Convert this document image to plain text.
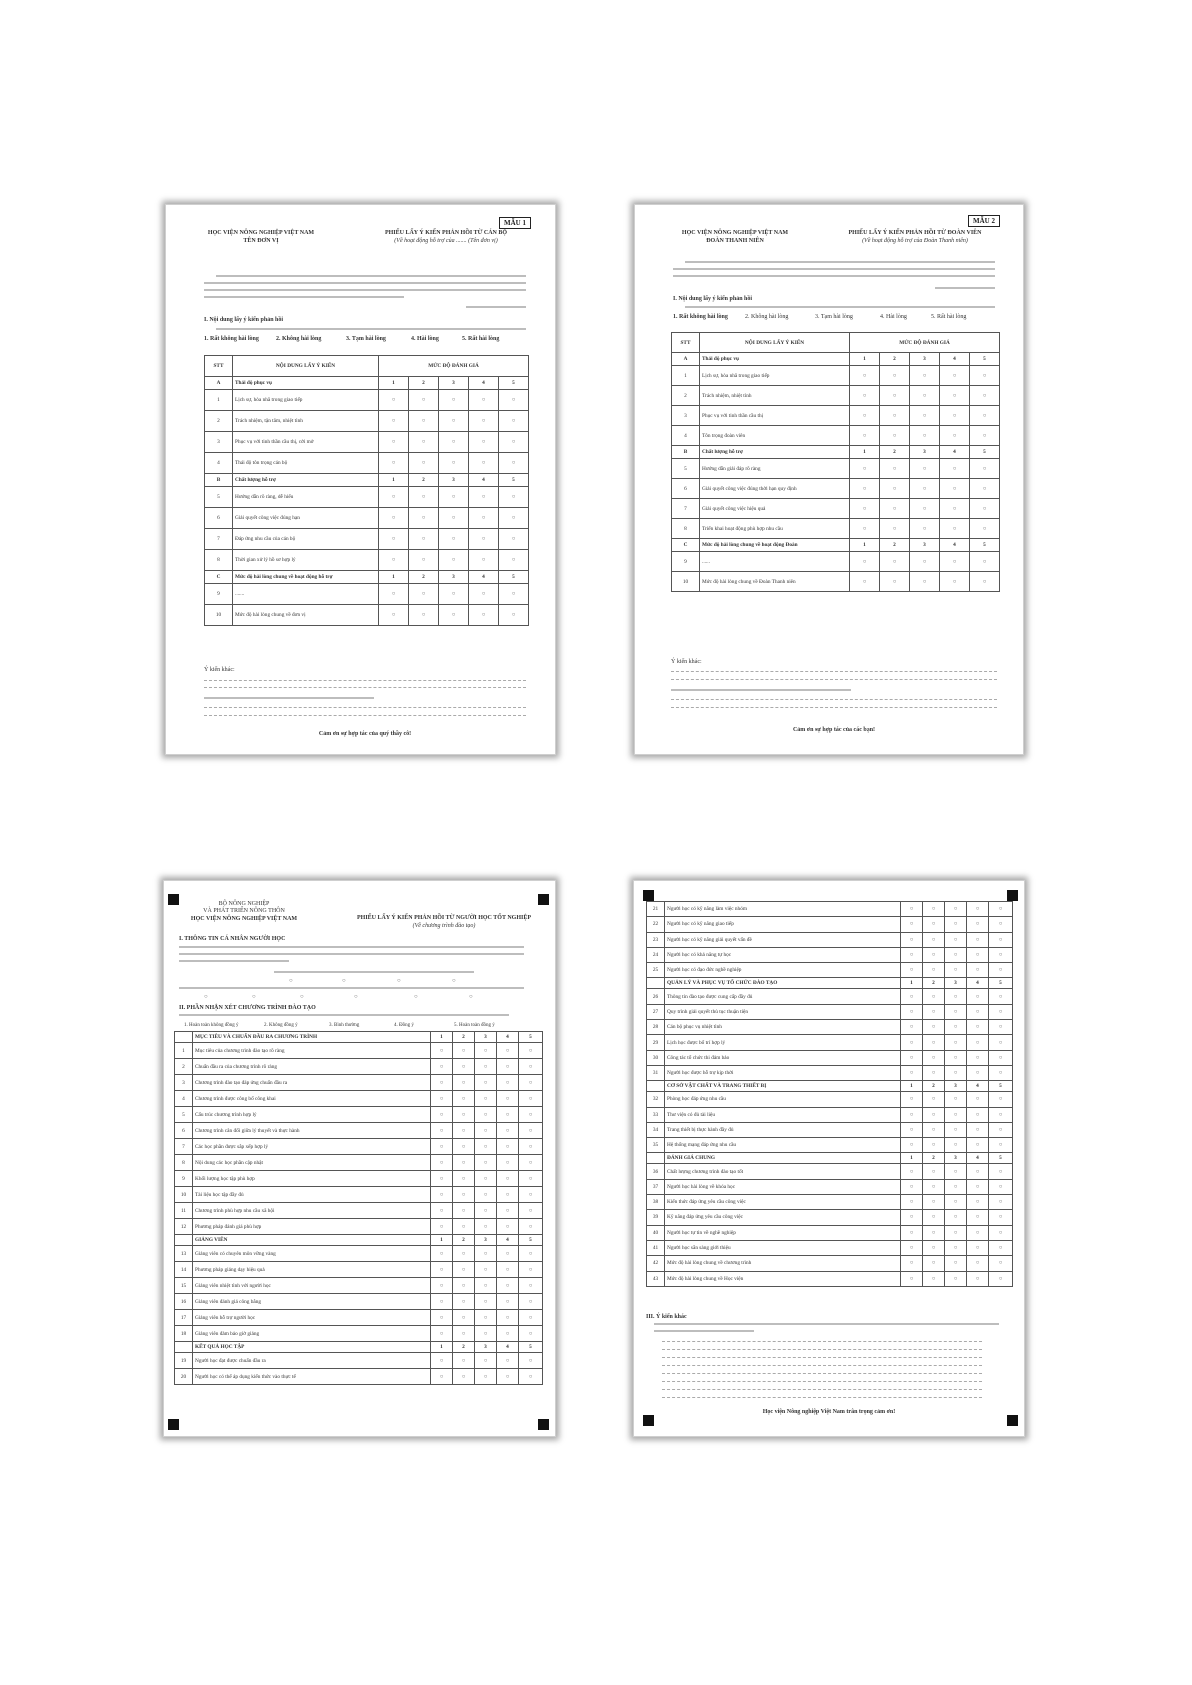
MẪU 1
HỌC VIỆN NÔNG NGHIỆP VIỆT NAM
TÊN ĐƠN VỊ
PHIẾU LẤY Ý KIẾN PHẢN HỒI TỪ CÁN BỘ
(Về hoạt động hỗ trợ của ....... (Tên đơn vị)
I. Nội dung lấy ý kiến phản hồi
1. Rất không hài lòng	2. Không hài lòng	3. Tạm hài lòng	4. Hài lòng	5. Rất hài lòng
STT	NỘI DUNG LẤY Ý KIẾN	MỨC ĐỘ ĐÁNH GIÁ				
A	Thái độ phục vụ	1	2	3	4	5
1	Lịch sự, hòa nhã trong giao tiếp	○	○	○	○	○
2	Trách nhiệm, tận tâm, nhiệt tình	○	○	○	○	○
3	Phục vụ với tinh thần cầu thị, cởi mở	○	○	○	○	○
4	Thái độ tôn trọng cán bộ	○	○	○	○	○
B	Chất lượng hỗ trợ	1	2	3	4	5
5	Hướng dẫn rõ ràng, dễ hiểu	○	○	○	○	○
6	Giải quyết công việc đúng hạn	○	○	○	○	○
7	Đáp ứng nhu cầu của cán bộ	○	○	○	○	○
8	Thời gian xử lý hồ sơ hợp lý	○	○	○	○	○
C	Mức độ hài lòng chung về hoạt động hỗ trợ	1	2	3	4	5
9	.......	○	○	○	○	○
10	Mức độ hài lòng chung về đơn vị	○	○	○	○	○
Ý kiến khác:
Cảm ơn sự hợp tác của quý thầy cô!
MẪU 2
HỌC VIỆN NÔNG NGHIỆP VIỆT NAM
ĐOÀN THANH NIÊN
PHIẾU LẤY Ý KIẾN PHẢN HỒI TỪ ĐOÀN VIÊN
(Về hoạt động hỗ trợ của Đoàn Thanh niên)
I. Nội dung lấy ý kiến phản hồi
1. Rất không hài lòng	2. Không hài lòng	3. Tạm hài lòng	4. Hài lòng	5. Rất hài lòng
STT	NỘI DUNG LẤY Ý KIẾN	MỨC ĐỘ ĐÁNH GIÁ				
A	Thái độ phục vụ	1	2	3	4	5
1	Lịch sự, hòa nhã trong giao tiếp	○	○	○	○	○
2	Trách nhiệm, nhiệt tình	○	○	○	○	○
3	Phục vụ với tinh thần cầu thị	○	○	○	○	○
4	Tôn trọng đoàn viên	○	○	○	○	○
B	Chất lượng hỗ trợ	1	2	3	4	5
5	Hướng dẫn giải đáp rõ ràng	○	○	○	○	○
6	Giải quyết công việc đúng thời hạn quy định	○	○	○	○	○
7	Giải quyết công việc hiệu quả	○	○	○	○	○
8	Triển khai hoạt động phù hợp nhu cầu	○	○	○	○	○
C	Mức độ hài lòng chung về hoạt động Đoàn	1	2	3	4	5
9	......	○	○	○	○	○
10	Mức độ hài lòng chung về Đoàn Thanh niên	○	○	○	○	○
Ý kiến khác:
Cảm ơn sự hợp tác của các bạn!
BỘ NÔNG NGHIỆP
VÀ PHÁT TRIỂN NÔNG THÔN
HỌC VIỆN NÔNG NGHIỆP VIỆT NAM	PHIẾU LẤY Ý KIẾN PHẢN HỒI TỪ NGƯỜI HỌC TỐT NGHIỆP
(Về chương trình đào tạo)
I. THÔNG TIN CÁ NHÂN NGƯỜI HỌC
○	○	○	○
○	○	○	○	○	○
II. PHẦN NHẬN XÉT CHƯƠNG TRÌNH ĐÀO TẠO
1. Hoàn toàn không đồng ý	2. Không đồng ý	3. Bình thường	4. Đồng ý	5. Hoàn toàn đồng ý
	MỤC TIÊU VÀ CHUẨN ĐẦU RA CHƯƠNG TRÌNH	1	2	3	4	5
1	Mục tiêu của chương trình đào tạo rõ ràng	○	○	○	○	○
2	Chuẩn đầu ra của chương trình rõ ràng	○	○	○	○	○
3	Chương trình đào tạo đáp ứng chuẩn đầu ra	○	○	○	○	○
4	Chương trình được công bố công khai	○	○	○	○	○
5	Cấu trúc chương trình hợp lý	○	○	○	○	○
6	Chương trình cân đối giữa lý thuyết và thực hành	○	○	○	○	○
7	Các học phần được sắp xếp hợp lý	○	○	○	○	○
8	Nội dung các học phần cập nhật	○	○	○	○	○
9	Khối lượng học tập phù hợp	○	○	○	○	○
10	Tài liệu học tập đầy đủ	○	○	○	○	○
11	Chương trình phù hợp nhu cầu xã hội	○	○	○	○	○
12	Phương pháp đánh giá phù hợp	○	○	○	○	○
	GIẢNG VIÊN	1	2	3	4	5
13	Giảng viên có chuyên môn vững vàng	○	○	○	○	○
14	Phương pháp giảng dạy hiệu quả	○	○	○	○	○
15	Giảng viên nhiệt tình với người học	○	○	○	○	○
16	Giảng viên đánh giá công bằng	○	○	○	○	○
17	Giảng viên hỗ trợ người học	○	○	○	○	○
18	Giảng viên đảm bảo giờ giảng	○	○	○	○	○
	KẾT QUẢ HỌC TẬP	1	2	3	4	5
19	Người học đạt được chuẩn đầu ra	○	○	○	○	○
20	Người học có thể áp dụng kiến thức vào thực tế	○	○	○	○	○
21	Người học có kỹ năng làm việc nhóm	○	○	○	○	○
22	Người học có kỹ năng giao tiếp	○	○	○	○	○
23	Người học có kỹ năng giải quyết vấn đề	○	○	○	○	○
24	Người học có khả năng tự học	○	○	○	○	○
25	Người học có đạo đức nghề nghiệp	○	○	○	○	○
	QUẢN LÝ VÀ PHỤC VỤ TỔ CHỨC ĐÀO TẠO	1	2	3	4	5
26	Thông tin đào tạo được cung cấp đầy đủ	○	○	○	○	○
27	Quy trình giải quyết thủ tục thuận tiện	○	○	○	○	○
28	Cán bộ phục vụ nhiệt tình	○	○	○	○	○
29	Lịch học được bố trí hợp lý	○	○	○	○	○
30	Công tác tổ chức thi đảm bảo	○	○	○	○	○
31	Người học được hỗ trợ kịp thời	○	○	○	○	○
	CƠ SỞ VẬT CHẤT VÀ TRANG THIẾT BỊ	1	2	3	4	5
32	Phòng học đáp ứng nhu cầu	○	○	○	○	○
33	Thư viện có đủ tài liệu	○	○	○	○	○
34	Trang thiết bị thực hành đầy đủ	○	○	○	○	○
35	Hệ thống mạng đáp ứng nhu cầu	○	○	○	○	○
	ĐÁNH GIÁ CHUNG	1	2	3	4	5
36	Chất lượng chương trình đào tạo tốt	○	○	○	○	○
37	Người học hài lòng về khóa học	○	○	○	○	○
38	Kiến thức đáp ứng yêu cầu công việc	○	○	○	○	○
39	Kỹ năng đáp ứng yêu cầu công việc	○	○	○	○	○
40	Người học tự tin về nghề nghiệp	○	○	○	○	○
41	Người học sẵn sàng giới thiệu	○	○	○	○	○
42	Mức độ hài lòng chung về chương trình	○	○	○	○	○
43	Mức độ hài lòng chung về Học viện	○	○	○	○	○
III. Ý kiến khác
Học viện Nông nghiệp Việt Nam trân trọng cảm ơn!
